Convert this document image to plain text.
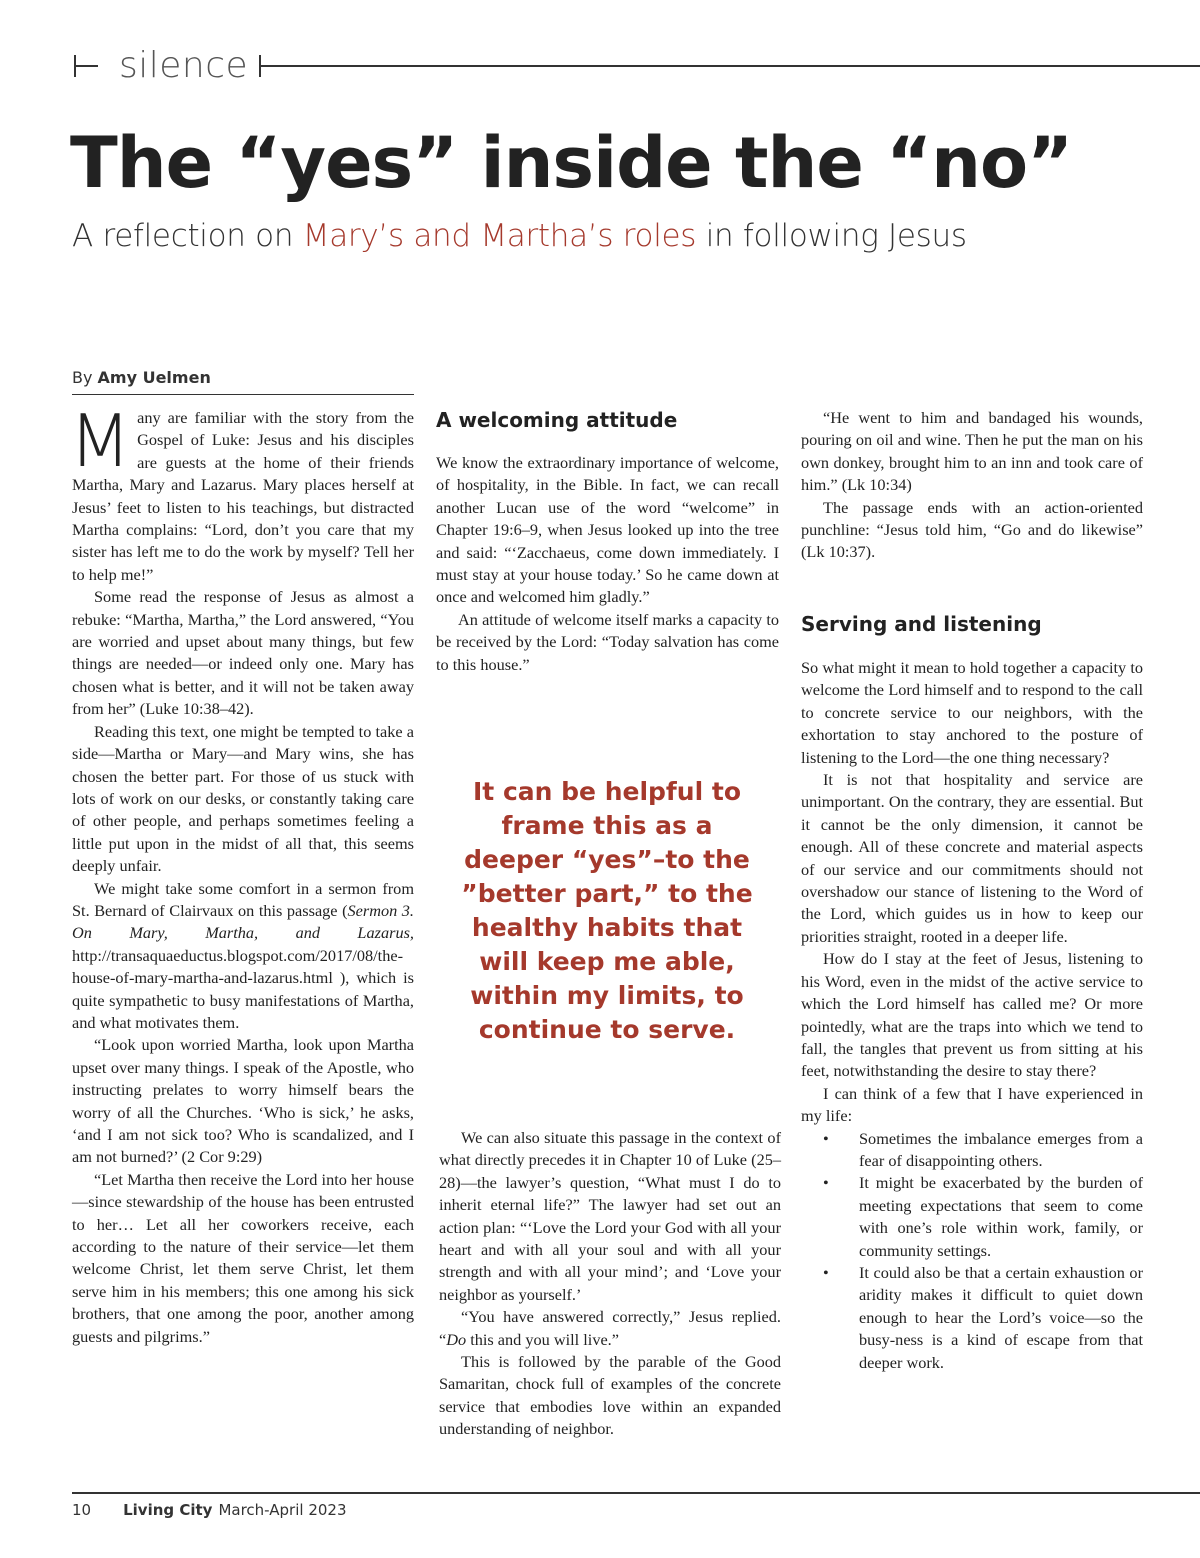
silence
The “yes” inside the “no”
A reflection on Mary’s and Martha’s roles in following Jesus
By Amy Uelmen

Many are familiar with the story from the Gospel of Luke: Jesus and his disciples are guests at the home of their friends Martha, Mary and Lazarus. Mary places herself at Jesus’ feet to listen to his teachings, but distracted Martha complains: “Lord, don’t you care that my sister has left me to do the work by myself? Tell her to help me!”

Some read the response of Jesus as almost a rebuke: “Martha, Martha,” the Lord answered, “You are worried and upset about many things, but few things are needed—or indeed only one. Mary has chosen what is better, and it will not be taken away from her” (Luke 10:38–42).

Reading this text, one might be tempted to take a side—Martha or Mary—and Mary wins, she has chosen the better part. For those of us stuck with lots of work on our desks, or constantly taking care of other people, and perhaps sometimes feeling a little put upon in the midst of all that, this seems deeply unfair.

We might take some comfort in a sermon from St. Bernard of Clairvaux on this passage (Sermon 3. On Mary, Martha, and Lazarus, http://transaquaeductus.blogspot.com/2017/08/the-house-of-mary-martha-and-lazarus.html ), which is quite sympathetic to busy manifestations of Martha, and what motivates them.

“Look upon worried Martha, look upon Martha upset over many things. I speak of the Apostle, who instructing prelates to worry himself bears the worry of all the Churches. ‘Who is sick,’ he asks, ‘and I am not sick too? Who is scandalized, and I am not burned?’ (2 Cor 9:29)

“Let Martha then receive the Lord into her house—since stewardship of the house has been entrusted to her… Let all her coworkers receive, each according to the nature of their service—let them welcome Christ, let them serve Christ, let them serve him in his members; this one among his sick brothers, that one among the poor, another among guests and pilgrims.”

A welcoming attitude

We know the extraordinary importance of welcome, of hospitality, in the Bible. In fact, we can recall another Lucan use of the word “welcome” in Chapter 19:6–9, when Jesus looked up into the tree and said: “‘Zacchaeus, come down immediately. I must stay at your house today.’ So he came down at once and welcomed him gladly.”

An attitude of welcome itself marks a capacity to be received by the Lord: “Today salvation has come to this house.”

It can be helpful to frame this as a deeper “yes”–to the ”better part,” to the healthy habits that will keep me able, within my limits, to continue to serve.

We can also situate this passage in the context of what directly precedes it in Chapter 10 of Luke (25–28)—the lawyer’s question, “What must I do to inherit eternal life?” The lawyer had set out an action plan: “‘Love the Lord your God with all your heart and with all your soul and with all your strength and with all your mind’; and ‘Love your neighbor as yourself.’

“You have answered correctly,” Jesus replied. “Do this and you will live.”

This is followed by the parable of the Good Samaritan, chock full of examples of the concrete service that embodies love within an expanded understanding of neighbor.

“He went to him and bandaged his wounds, pouring on oil and wine. Then he put the man on his own donkey, brought him to an inn and took care of him.” (Lk 10:34)

The passage ends with an action-oriented punchline: “Jesus told him, “Go and do likewise” (Lk 10:37).

Serving and listening

So what might it mean to hold together a capacity to welcome the Lord himself and to respond to the call to concrete service to our neighbors, with the exhortation to stay anchored to the posture of listening to the Lord—the one thing necessary?

It is not that hospitality and service are unimportant. On the contrary, they are essential. But it cannot be the only dimension, it cannot be enough. All of these concrete and material aspects of our service and our commitments should not overshadow our stance of listening to the Word of the Lord, which guides us in how to keep our priorities straight, rooted in a deeper life.

How do I stay at the feet of Jesus, listening to his Word, even in the midst of the active service to which the Lord himself has called me? Or more pointedly, what are the traps into which we tend to fall, the tangles that prevent us from sitting at his feet, notwithstanding the desire to stay there?

I can think of a few that I have experienced in my life:

• Sometimes the imbalance emerges from a fear of disappointing others.
• It might be exacerbated by the burden of meeting expectations that seem to come with one’s role within work, family, or community settings.
• It could also be that a certain exhaustion or aridity makes it difficult to quiet down enough to hear the Lord’s voice—so the busy-ness is a kind of escape from that deeper work.
10 Living City March-April 2023
